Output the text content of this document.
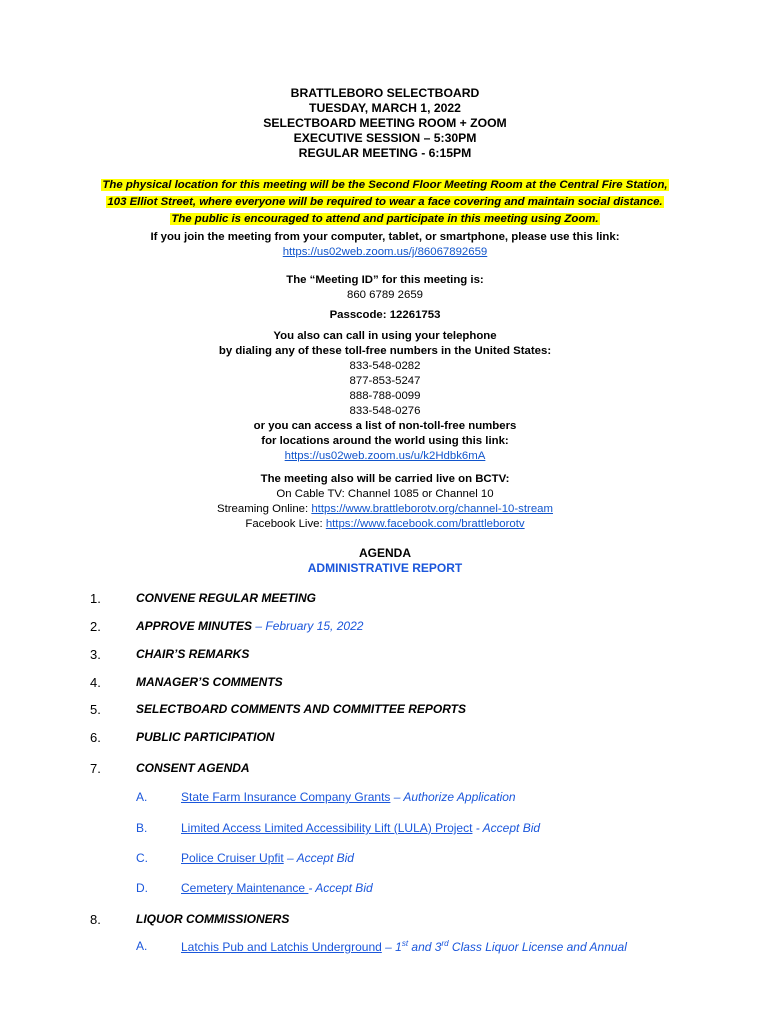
BRATTLEBORO SELECTBOARD
TUESDAY, MARCH 1, 2022
SELECTBOARD MEETING ROOM + ZOOM
EXECUTIVE SESSION – 5:30PM
REGULAR MEETING - 6:15PM
The physical location for this meeting will be the Second Floor Meeting Room at the Central Fire Station,
103 Elliot Street, where everyone will be required to wear a face covering and maintain social distance.
The public is encouraged to attend and participate in this meeting using Zoom.
If you join the meeting from your computer, tablet, or smartphone, please use this link:
https://us02web.zoom.us/j/86067892659
The “Meeting ID” for this meeting is:
860 6789 2659
Passcode: 12261753
You also can call in using your telephone
by dialing any of these toll-free numbers in the United States:
833-548-0282
877-853-5247
888-788-0099
833-548-0276
or you can access a list of non-toll-free numbers
for locations around the world using this link:
https://us02web.zoom.us/u/k2Hdbk6mA
The meeting also will be carried live on BCTV:
On Cable TV: Channel 1085 or Channel 10
Streaming Online: https://www.brattleborotv.org/channel-10-stream
Facebook Live: https://www.facebook.com/brattleborotv
AGENDA
ADMINISTRATIVE REPORT
1.	CONVENE REGULAR MEETING
2.	APPROVE MINUTES – February 15, 2022
3.	CHAIR’S REMARKS
4.	MANAGER’S COMMENTS
5.	SELECTBOARD COMMENTS AND COMMITTEE REPORTS
6.	PUBLIC PARTICIPATION
7.	CONSENT AGENDA
A.	State Farm Insurance Company Grants – Authorize Application
B.	Limited Access Limited Accessibility Lift (LULA) Project - Accept Bid
C.	Police Cruiser Upfit – Accept Bid
D.	Cemetery Maintenance - Accept Bid
8.	LIQUOR COMMISSIONERS
A.	Latchis Pub and Latchis Underground – 1st and 3rd Class Liquor License and Annual
